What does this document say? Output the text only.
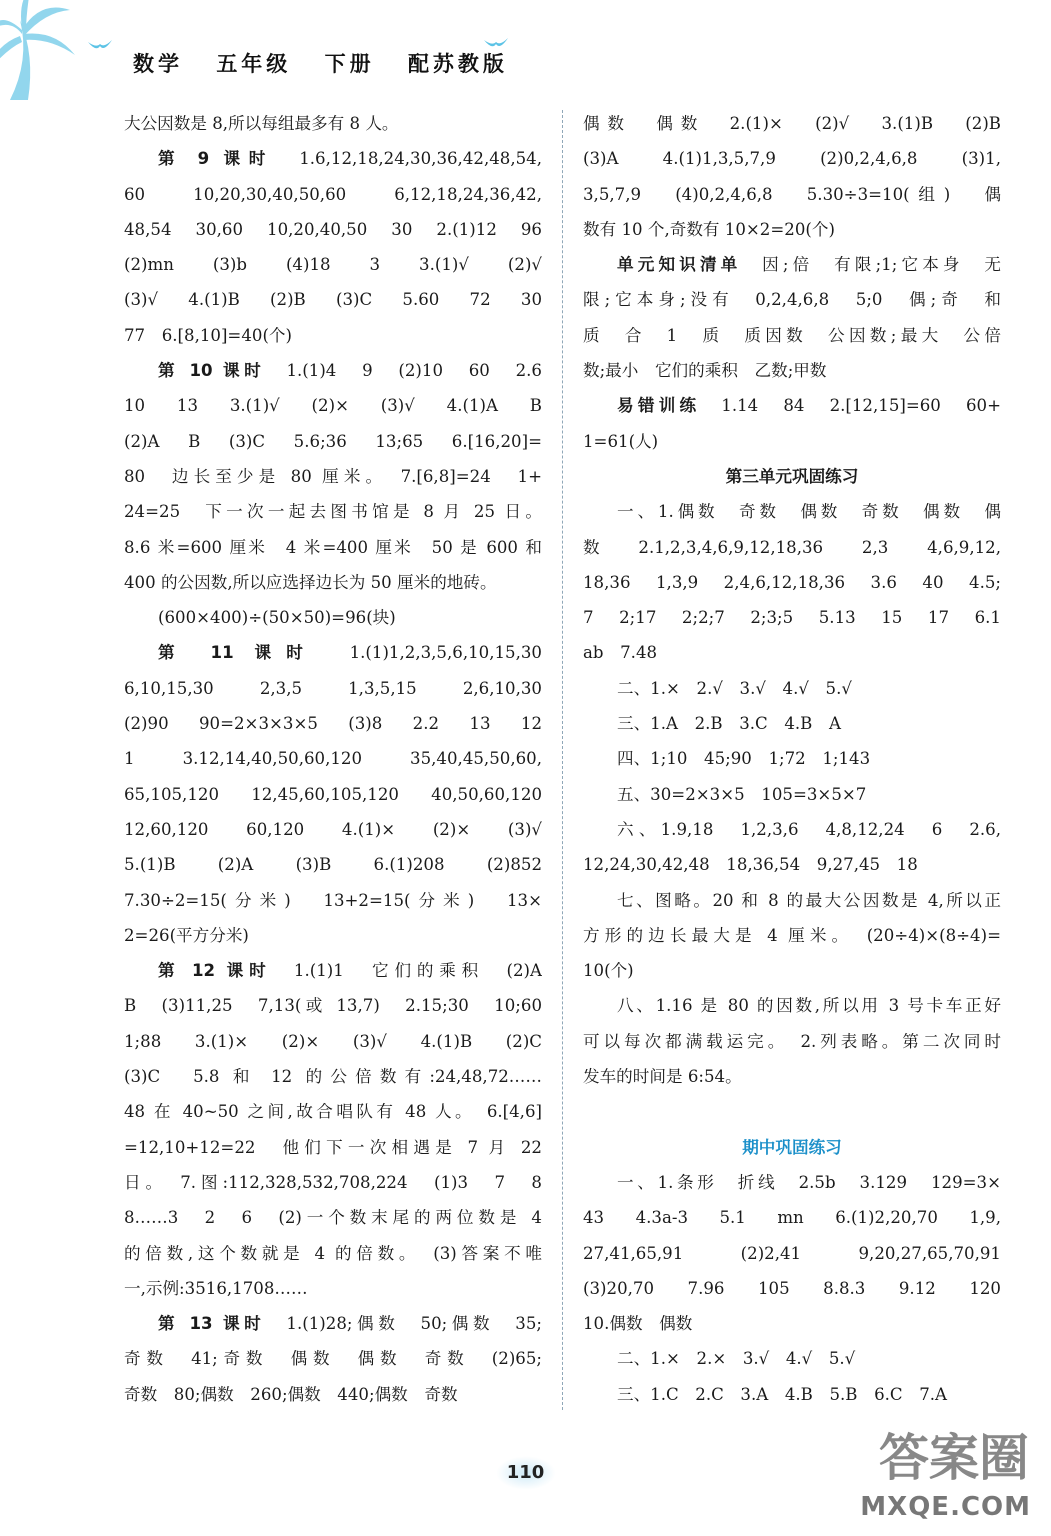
数学 五年级 下册 配苏教版

大公因数是 8,所以每组最多有 8 人。

第 9 课时　1.6,12,18,24,30,36,42,48,54,

60　10,20,30,40,50,60　6,12,18,24,36,42,

48,54　30,60　10,20,40,50　30　2.(1)12　96

(2)mn　(3)b　(4)18　3　3.(1)√　(2)√

(3)√　4.(1)B　(2)B　(3)C　5.60　72　30

77　6.[8,10]=40(个)

第 10 课时　1.(1)4　9　(2)10　60　2.6

10　13　3.(1)√　(2)×　(3)√　4.(1)A　B

(2)A　B　(3)C　5.6;36　13;65　6.[16,20]=

80　边长至少是 80 厘米。　7.[6,8]=24　1+

24=25　下一次一起去图书馆是 8 月 25 日。

8.6 米=600 厘米　4 米=400 厘米　50 是 600 和

400 的公因数,所以应选择边长为 50 厘米的地砖。

(600×400)÷(50×50)=96(块)

第 11 课时　1.(1)1,2,3,5,6,10,15,30

6,10,15,30　2,3,5　1,3,5,15　2,6,10,30

(2)90　90=2×3×3×5　(3)8　2.2　13　12

1　3.12,14,40,50,60,120　35,40,45,50,60,

65,105,120　12,45,60,105,120　40,50,60,120

12,60,120　60,120　4.(1)×　(2)×　(3)√

5.(1)B　(2)A　(3)B　6.(1)208　(2)852

7.30÷2=15(分米)　13+2=15(分米)　13×

2=26(平方分米)

第 12 课时　1.(1)1　它们的乘积　(2)A

B　(3)11,25　7,13(或 13,7)　2.15;30　10;60

1;88　3.(1)×　(2)×　(3)√　4.(1)B　(2)C

(3)C　5.8 和 12 的公倍数有:24,48,72……

48 在 40~50 之间,故合唱队有 48 人。　6.[4,6]

=12,10+12=22　他们下一次相遇是 7 月 22

日。　7.图:112,328,532,708,224　(1)3　7　8

8……3　2　6　(2)一个数末尾的两位数是 4

的倍数,这个数就是 4 的倍数。　(3)答案不唯

一,示例:3516,1708……

第 13 课时　1.(1)28;偶数　50;偶数　35;

奇数　41;奇数　偶数　偶数　奇数　(2)65;

奇数　80;偶数　260;偶数　440;偶数　奇数

偶数　偶数　2.(1)×　(2)√　3.(1)B　(2)B

(3)A　4.(1)1,3,5,7,9　(2)0,2,4,6,8　(3)1,

3,5,7,9　(4)0,2,4,6,8　5.30÷3=10(组)　偶

数有 10 个,奇数有 10×2=20(个)

单元知识清单　因;倍　有限;1;它本身　无

限;它本身;没有　0,2,4,6,8　5;0　偶;奇　和

质　合　1　质　质因数　公因数;最大　公倍

数;最小　它们的乘积　乙数;甲数

易错训练　1.14　84　2.[12,15]=60　60+

1=61(人)

第三单元巩固练习

一、1.偶数　奇数　偶数　奇数　偶数　偶

数　2.1,2,3,4,6,9,12,18,36　2,3　4,6,9,12,

18,36　1,3,9　2,4,6,12,18,36　3.6　40　4.5;

7　2;17　2;2;7　2;3;5　5.13　15　17　6.1

ab　7.48

二、1.×　2.√　3.√　4.√　5.√

三、1.A　2.B　3.C　4.B　A

四、1;10　45;90　1;72　1;143

五、30=2×3×5　105=3×5×7

六、1.9,18　1,2,3,6　4,8,12,24　6　2.6,

12,24,30,42,48　18,36,54　9,27,45　18

七、图略。20 和 8 的最大公因数是 4,所以正

方形的边长最大是 4 厘米。　(20÷4)×(8÷4)=

10(个)

八、1.16 是 80 的因数,所以用 3 号卡车正好

可以每次都满载运完。　2.列表略。第二次同时

发车的时间是 6:54。

期中巩固练习

一、1.条形　折线　2.5b　3.129　129=3×

43　4.3a-3　5.1　mn　6.(1)2,20,70　1,9,

27,41,65,91　(2)2,41　9,20,27,65,70,91

(3)20,70　7.96　105　8.8.3　9.12　120

10.偶数　偶数

二、1.×　2.×　3.√　4.√　5.√

三、1.C　2.C　3.A　4.B　5.B　6.C　7.A

110	答案圈
MXQE.COM
